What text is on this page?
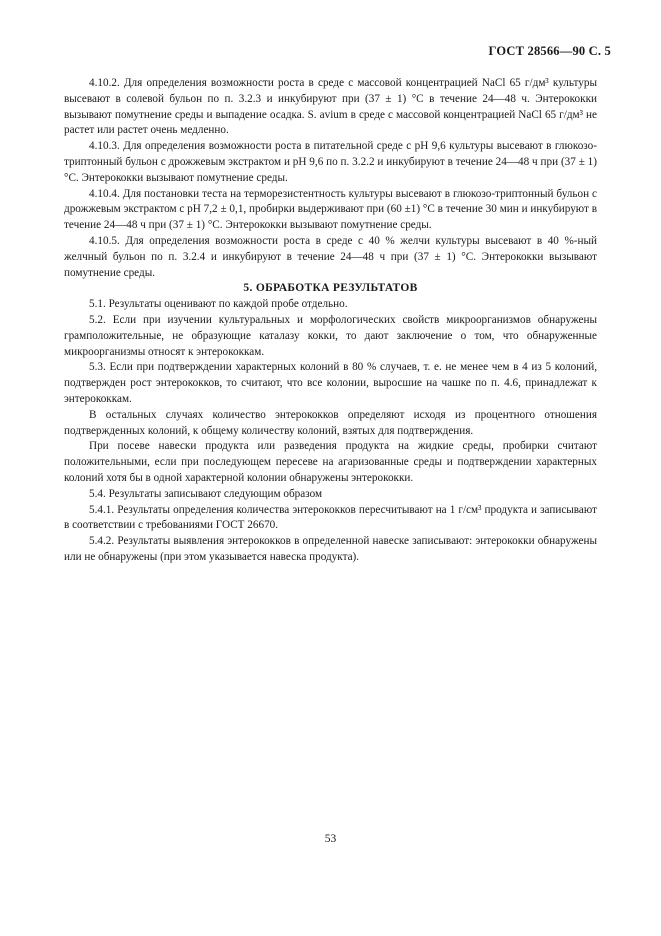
ГОСТ 28566—90 С. 5

4.10.2. Для определения возможности роста в среде с массовой концентрацией NaCl 65 г/дм³ культуры высевают в солевой бульон по п. 3.2.3 и инкубируют при (37 ± 1) °С в течение 24—48 ч. Энтерококки вызывают помутнение среды и выпадение осадка. S. avium в среде с массовой концентрацией NaCl 65 г/дм³ не растет или растет очень медленно.

4.10.3. Для определения возможности роста в питательной среде с рН 9,6 культуры высевают в глюкозо-триптонный бульон с дрожжевым экстрактом и рН 9,6 по п. 3.2.2 и инкубируют в течение 24—48 ч при (37 ± 1) °С. Энтерококки вызывают помутнение среды.

4.10.4. Для постановки теста на терморезистентность культуры высевают в глюкозо-триптонный бульон с дрожжевым экстрактом с рН 7,2 ± 0,1, пробирки выдерживают при (60 ±1) °С в течение 30 мин и инкубируют в течение 24—48 ч при (37 ± 1) °С. Энтерококки вызывают помутнение среды.

4.10.5. Для определения возможности роста в среде с 40 % желчи культуры высевают в 40 %-ный желчный бульон по п. 3.2.4 и инкубируют в течение 24—48 ч при (37 ± 1) °С. Энтерококки вызывают помутнение среды.

5. ОБРАБОТКА РЕЗУЛЬТАТОВ

5.1. Результаты оценивают по каждой пробе отдельно.

5.2. Если при изучении культуральных и морфологических свойств микроорганизмов обнаружены грамположительные, не образующие каталазу кокки, то дают заключение о том, что обнаруженные микроорганизмы относят к энтерококкам.

5.3. Если при подтверждении характерных колоний в 80 % случаев, т. е. не менее чем в 4 из 5 колоний, подтвержден рост энтерококков, то считают, что все колонии, выросшие на чашке по п. 4.6, принадлежат к энтерококкам.

В остальных случаях количество энтерококков определяют исходя из процентного отношения подтвержденных колоний, к общему количеству колоний, взятых для подтверждения.

При посеве навески продукта или разведения продукта на жидкие среды, пробирки считают положительными, если при последующем пересеве на агаризованные среды и подтверждении характерных колоний хотя бы в одной характерной колонии обнаружены энтерококки.

5.4. Результаты записывают следующим образом

5.4.1. Результаты определения количества энтерококков пересчитывают на 1 г/см³ продукта и записывают в соответствии с требованиями ГОСТ 26670.

5.4.2. Результаты выявления энтерококков в определенной навеске записывают: энтерококки обнаружены или не обнаружены (при этом указывается навеска продукта).

53
